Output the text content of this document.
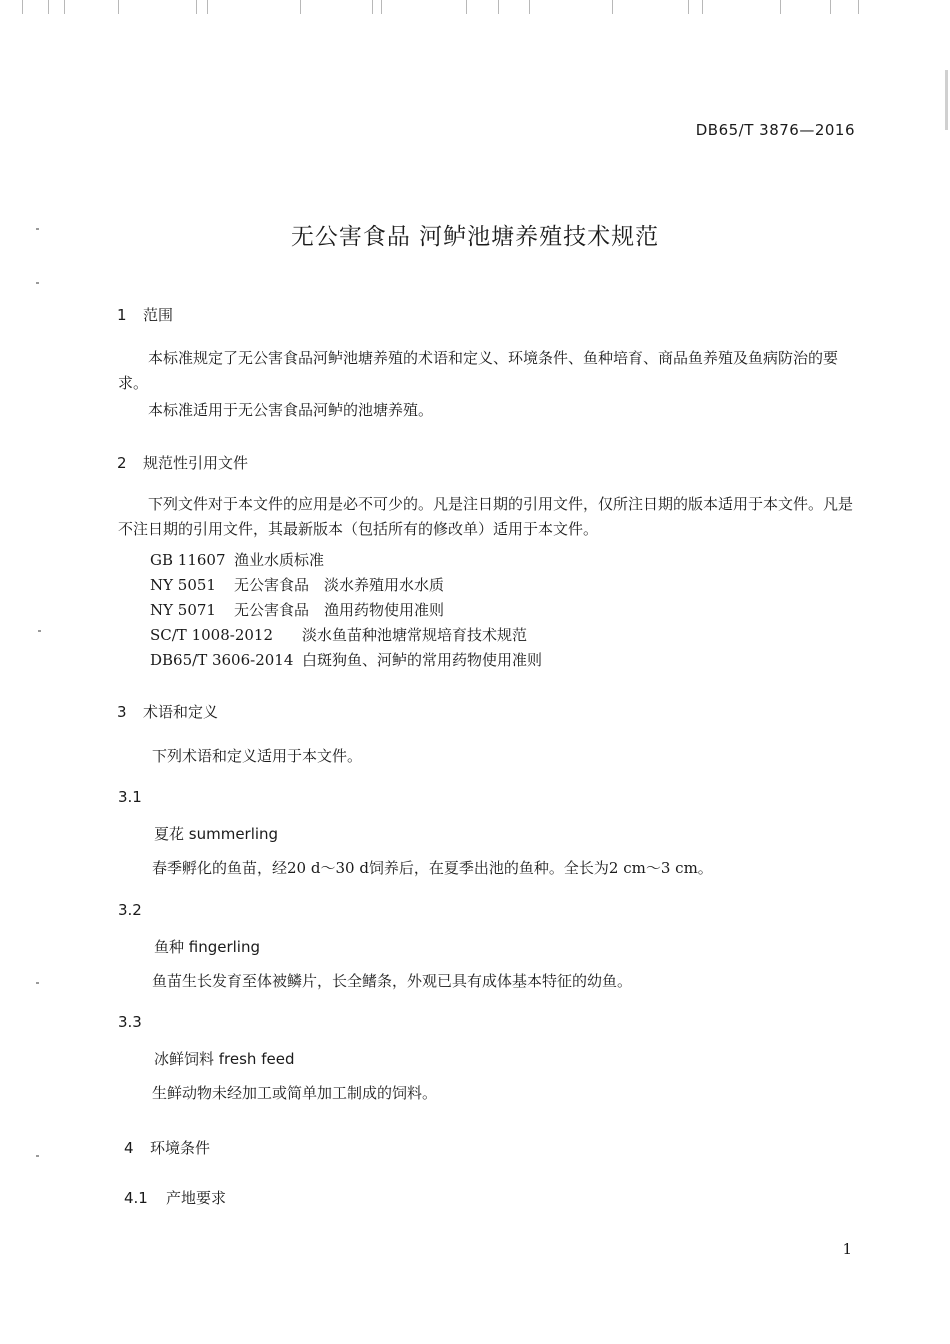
DB65/T 3876—2016
无公害食品 河鲈池塘养殖技术规范
1 范围
本标准规定了无公害食品河鲈池塘养殖的术语和定义、环境条件、鱼种培育、商品鱼养殖及鱼病防治的要求。
本标准适用于无公害食品河鲈的池塘养殖。
2 规范性引用文件
下列文件对于本文件的应用是必不可少的。凡是注日期的引用文件，仅所注日期的版本适用于本文件。凡是不注日期的引用文件，其最新版本（包括所有的修改单）适用于本文件。
GB 11607 渔业水质标准
NY 5051 无公害食品　淡水养殖用水水质
NY 5071 无公害食品　渔用药物使用准则
SC/T 1008-2012 淡水鱼苗种池塘常规培育技术规范
DB65/T 3606-2014 白斑狗鱼、河鲈的常用药物使用准则
3 术语和定义
下列术语和定义适用于本文件。
3.1
夏花 summerling
春季孵化的鱼苗，经20 d～30 d饲养后，在夏季出池的鱼种。全长为2 cm～3 cm。
3.2
鱼种 fingerling
鱼苗生长发育至体被鳞片，长全鳍条，外观已具有成体基本特征的幼鱼。
3.3
冰鲜饲料 fresh feed
生鲜动物未经加工或简单加工制成的饲料。
4 环境条件
4.1 产地要求
1
